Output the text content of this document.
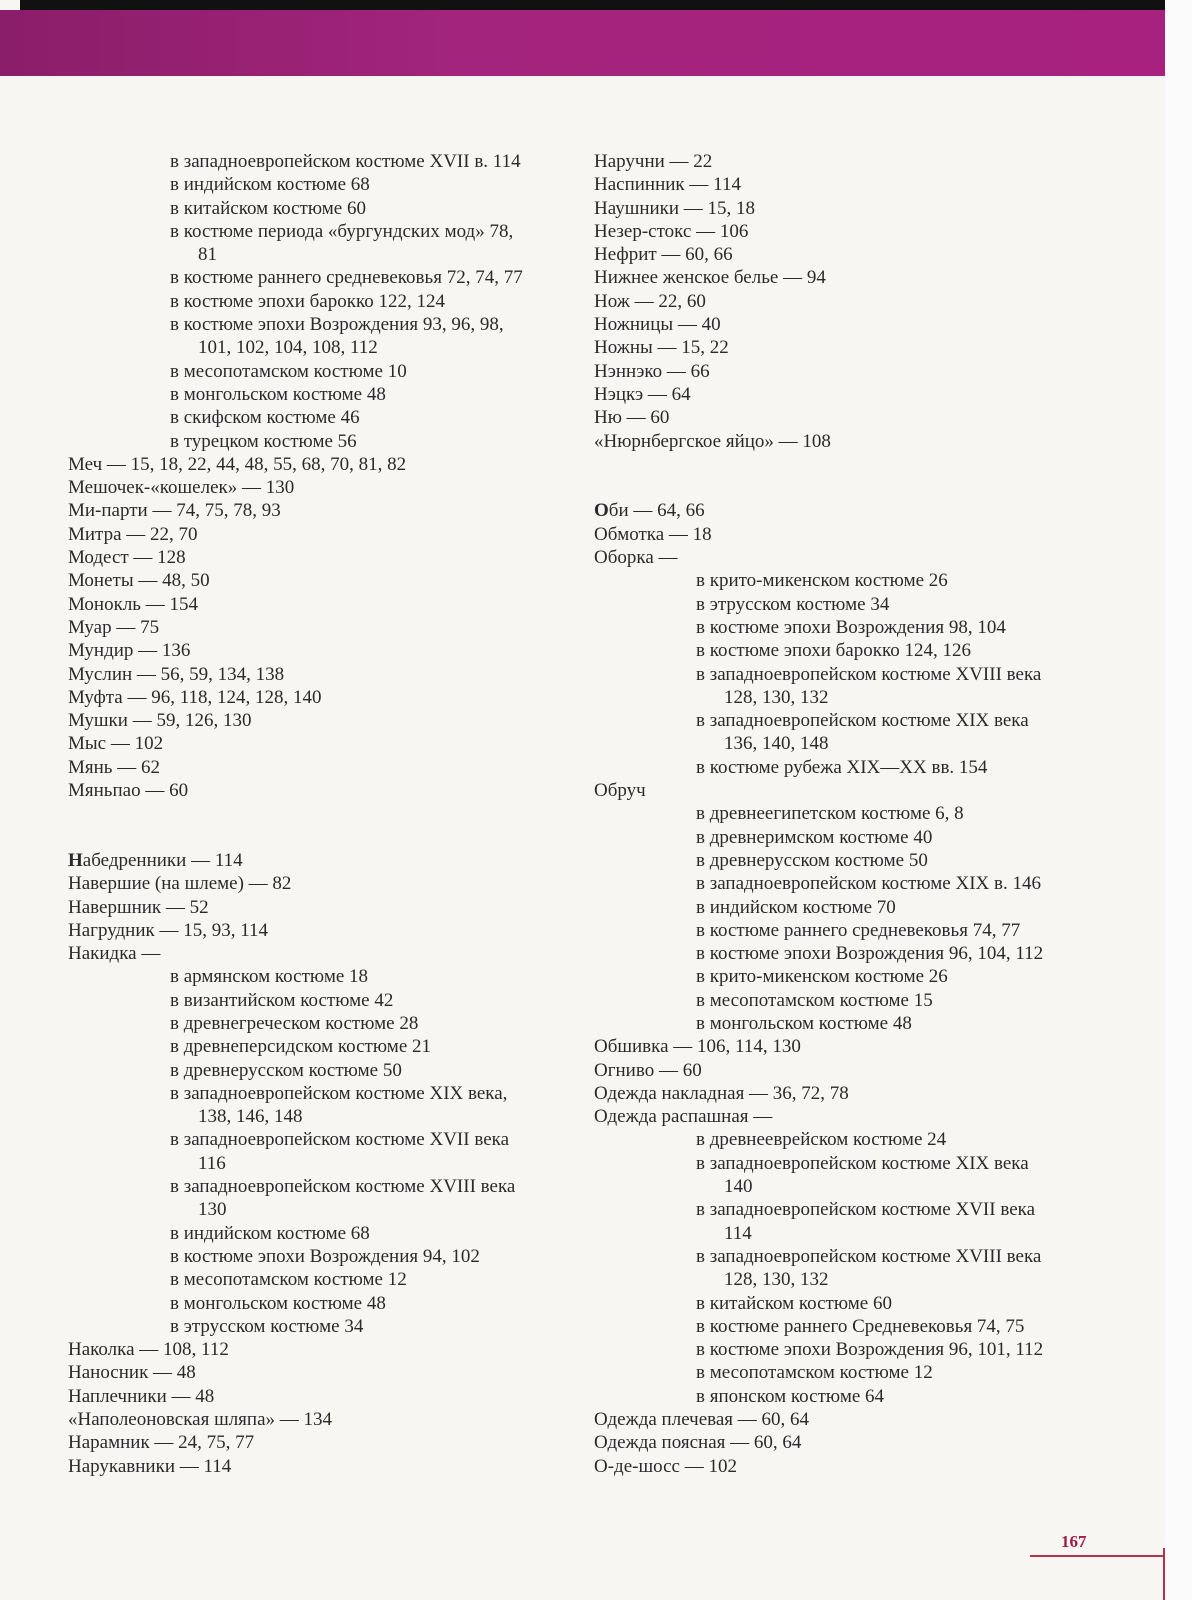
в западноевропейском костюме XVII в. 114
в индийском костюме 68
в китайском костюме 60
в костюме периода «бургундских мод» 78,
81
в костюме раннего средневековья 72, 74, 77
в костюме эпохи барокко 122, 124
в костюме эпохи Возрождения 93, 96, 98,
101, 102, 104, 108, 112
в месопотамском костюме 10
в монгольском костюме 48
в скифском костюме 46
в турецком костюме 56
Меч — 15, 18, 22, 44, 48, 55, 68, 70, 81, 82
Мешочек-«кошелек» — 130
Ми-парти — 74, 75, 78, 93
Митра — 22, 70
Модест — 128
Монеты — 48, 50
Монокль — 154
Муар — 75
Мундир — 136
Муслин — 56, 59, 134, 138
Муфта — 96, 118, 124, 128, 140
Мушки — 59, 126, 130
Мыс — 102
Мянь — 62
Мяньпао — 60
Набедренники — 114
Навершие (на шлеме) — 82
Навершник — 52
Нагрудник — 15, 93, 114
Накидка —
в армянском костюме 18
в византийском костюме 42
в древнегреческом костюме 28
в древнеперсидском костюме 21
в древнерусском костюме 50
в западноевропейском костюме XIX века,
138, 146, 148
в западноевропейском костюме XVII века
116
в западноевропейском костюме XVIII века
130
в индийском костюме 68
в костюме эпохи Возрождения 94, 102
в месопотамском костюме 12
в монгольском костюме 48
в этрусском костюме 34
Наколка — 108, 112
Наносник — 48
Наплечники — 48
«Наполеоновская шляпа» — 134
Нарамник — 24, 75, 77
Нарукавники — 114
Наручни — 22
Наспинник — 114
Наушники — 15, 18
Незер-стокс — 106
Нефрит — 60, 66
Нижнее женское белье — 94
Нож — 22, 60
Ножницы — 40
Ножны — 15, 22
Нэннэко — 66
Нэцкэ — 64
Ню — 60
«Нюрнбергское яйцо» — 108
Оби — 64, 66
Обмотка — 18
Оборка —
в крито-микенском костюме 26
в этрусском костюме 34
в костюме эпохи Возрождения 98, 104
в костюме эпохи барокко 124, 126
в западноевропейском костюме XVIII века
128, 130, 132
в западноевропейском костюме XIX века
136, 140, 148
в костюме рубежа XIX—XX вв. 154
Обруч
в древнеегипетском костюме 6, 8
в древнеримском костюме 40
в древнерусском костюме 50
в западноевропейском костюме XIX в. 146
в индийском костюме 70
в костюме раннего средневековья 74, 77
в костюме эпохи Возрождения 96, 104, 112
в крито-микенском костюме 26
в месопотамском костюме 15
в монгольском костюме 48
Обшивка — 106, 114, 130
Огниво — 60
Одежда накладная — 36, 72, 78
Одежда распашная —
в древнееврейском костюме 24
в западноевропейском костюме XIX века
140
в западноевропейском костюме XVII века
114
в западноевропейском костюме XVIII века
128, 130, 132
в китайском костюме 60
в костюме раннего Средневековья 74, 75
в костюме эпохи Возрождения 96, 101, 112
в месопотамском костюме 12
в японском костюме 64
Одежда плечевая — 60, 64
Одежда поясная — 60, 64
О-де-шосс — 102
167
